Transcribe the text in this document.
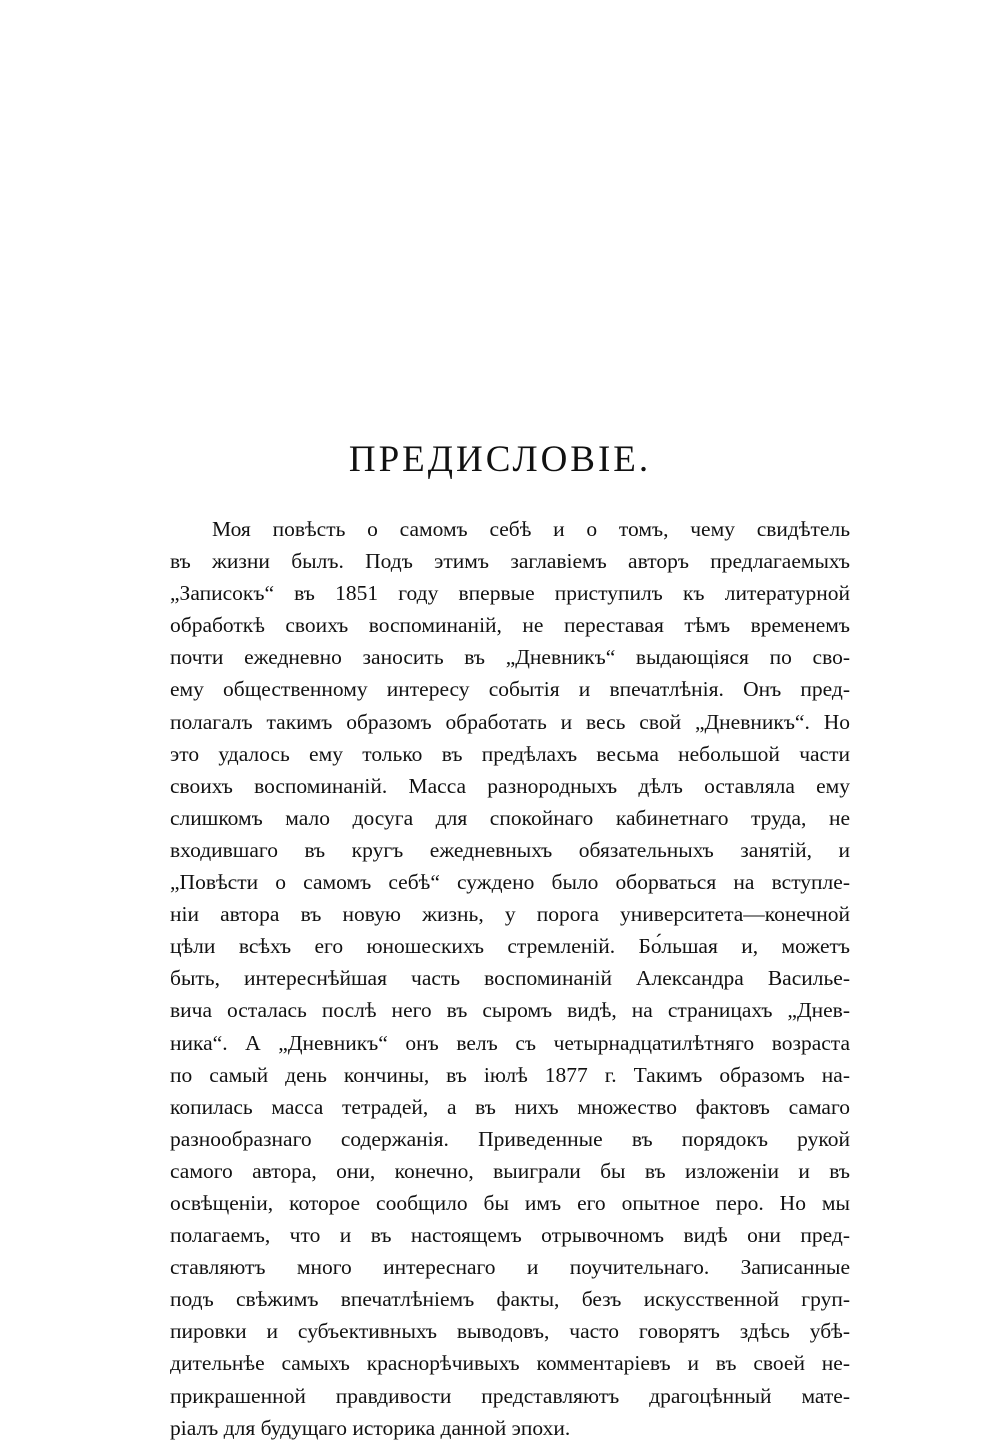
ПРЕДИСЛОВІЕ.
Моя повѣсть о самомъ себѣ и о томъ, чему свидѣтель
въ жизни былъ. Подъ этимъ заглавіемъ авторъ предлагаемыхъ
„Записокъ“ въ 1851 году впервые приступилъ къ литературной
обработкѣ своихъ воспоминаній, не переставая тѣмъ временемъ
почти ежедневно заносить въ „Дневникъ“ выдающіяся по сво-
ему общественному интересу событія и впечатлѣнія. Онъ пред-
полагалъ такимъ образомъ обработать и весь свой „Дневникъ“. Но
это удалось ему только въ предѣлахъ весьма небольшой части
своихъ воспоминаній. Масса разнородныхъ дѣлъ оставляла ему
слишкомъ мало досуга для спокойнаго кабинетнаго труда, не
входившаго въ кругъ ежедневныхъ обязательныхъ занятій, и
„Повѣсти о самомъ себѣ“ суждено было оборваться на вступле-
ніи автора въ новую жизнь, у порога университета—конечной
цѣли всѣхъ его юношескихъ стремленій. Бо́льшая и, можетъ
быть, интереснѣйшая часть воспоминаній Александра Василье-
вича осталась послѣ него въ сыромъ видѣ, на страницахъ „Днев-
ника“. А „Дневникъ“ онъ велъ съ четырнадцатилѣтняго возраста
по самый день кончины, въ іюлѣ 1877 г. Такимъ образомъ на-
копилась масса тетрадей, а въ нихъ множество фактовъ самаго
разнообразнаго содержанія. Приведенные въ порядокъ рукой
самого автора, они, конечно, выиграли бы въ изложеніи и въ
освѣщеніи, которое сообщило бы имъ его опытное перо. Но мы
полагаемъ, что и въ настоящемъ отрывочномъ видѣ они пред-
ставляютъ много интереснаго и поучительнаго. Записанные
подъ свѣжимъ впечатлѣніемъ факты, безъ искусственной груп-
пировки и субъективныхъ выводовъ, часто говорятъ здѣсь убѣ-
дительнѣе самыхъ краснорѣчивыхъ комментаріевъ и въ своей не-
прикрашенной правдивости представляютъ драгоцѣнный мате-
ріалъ для будущаго историка данной эпохи.
